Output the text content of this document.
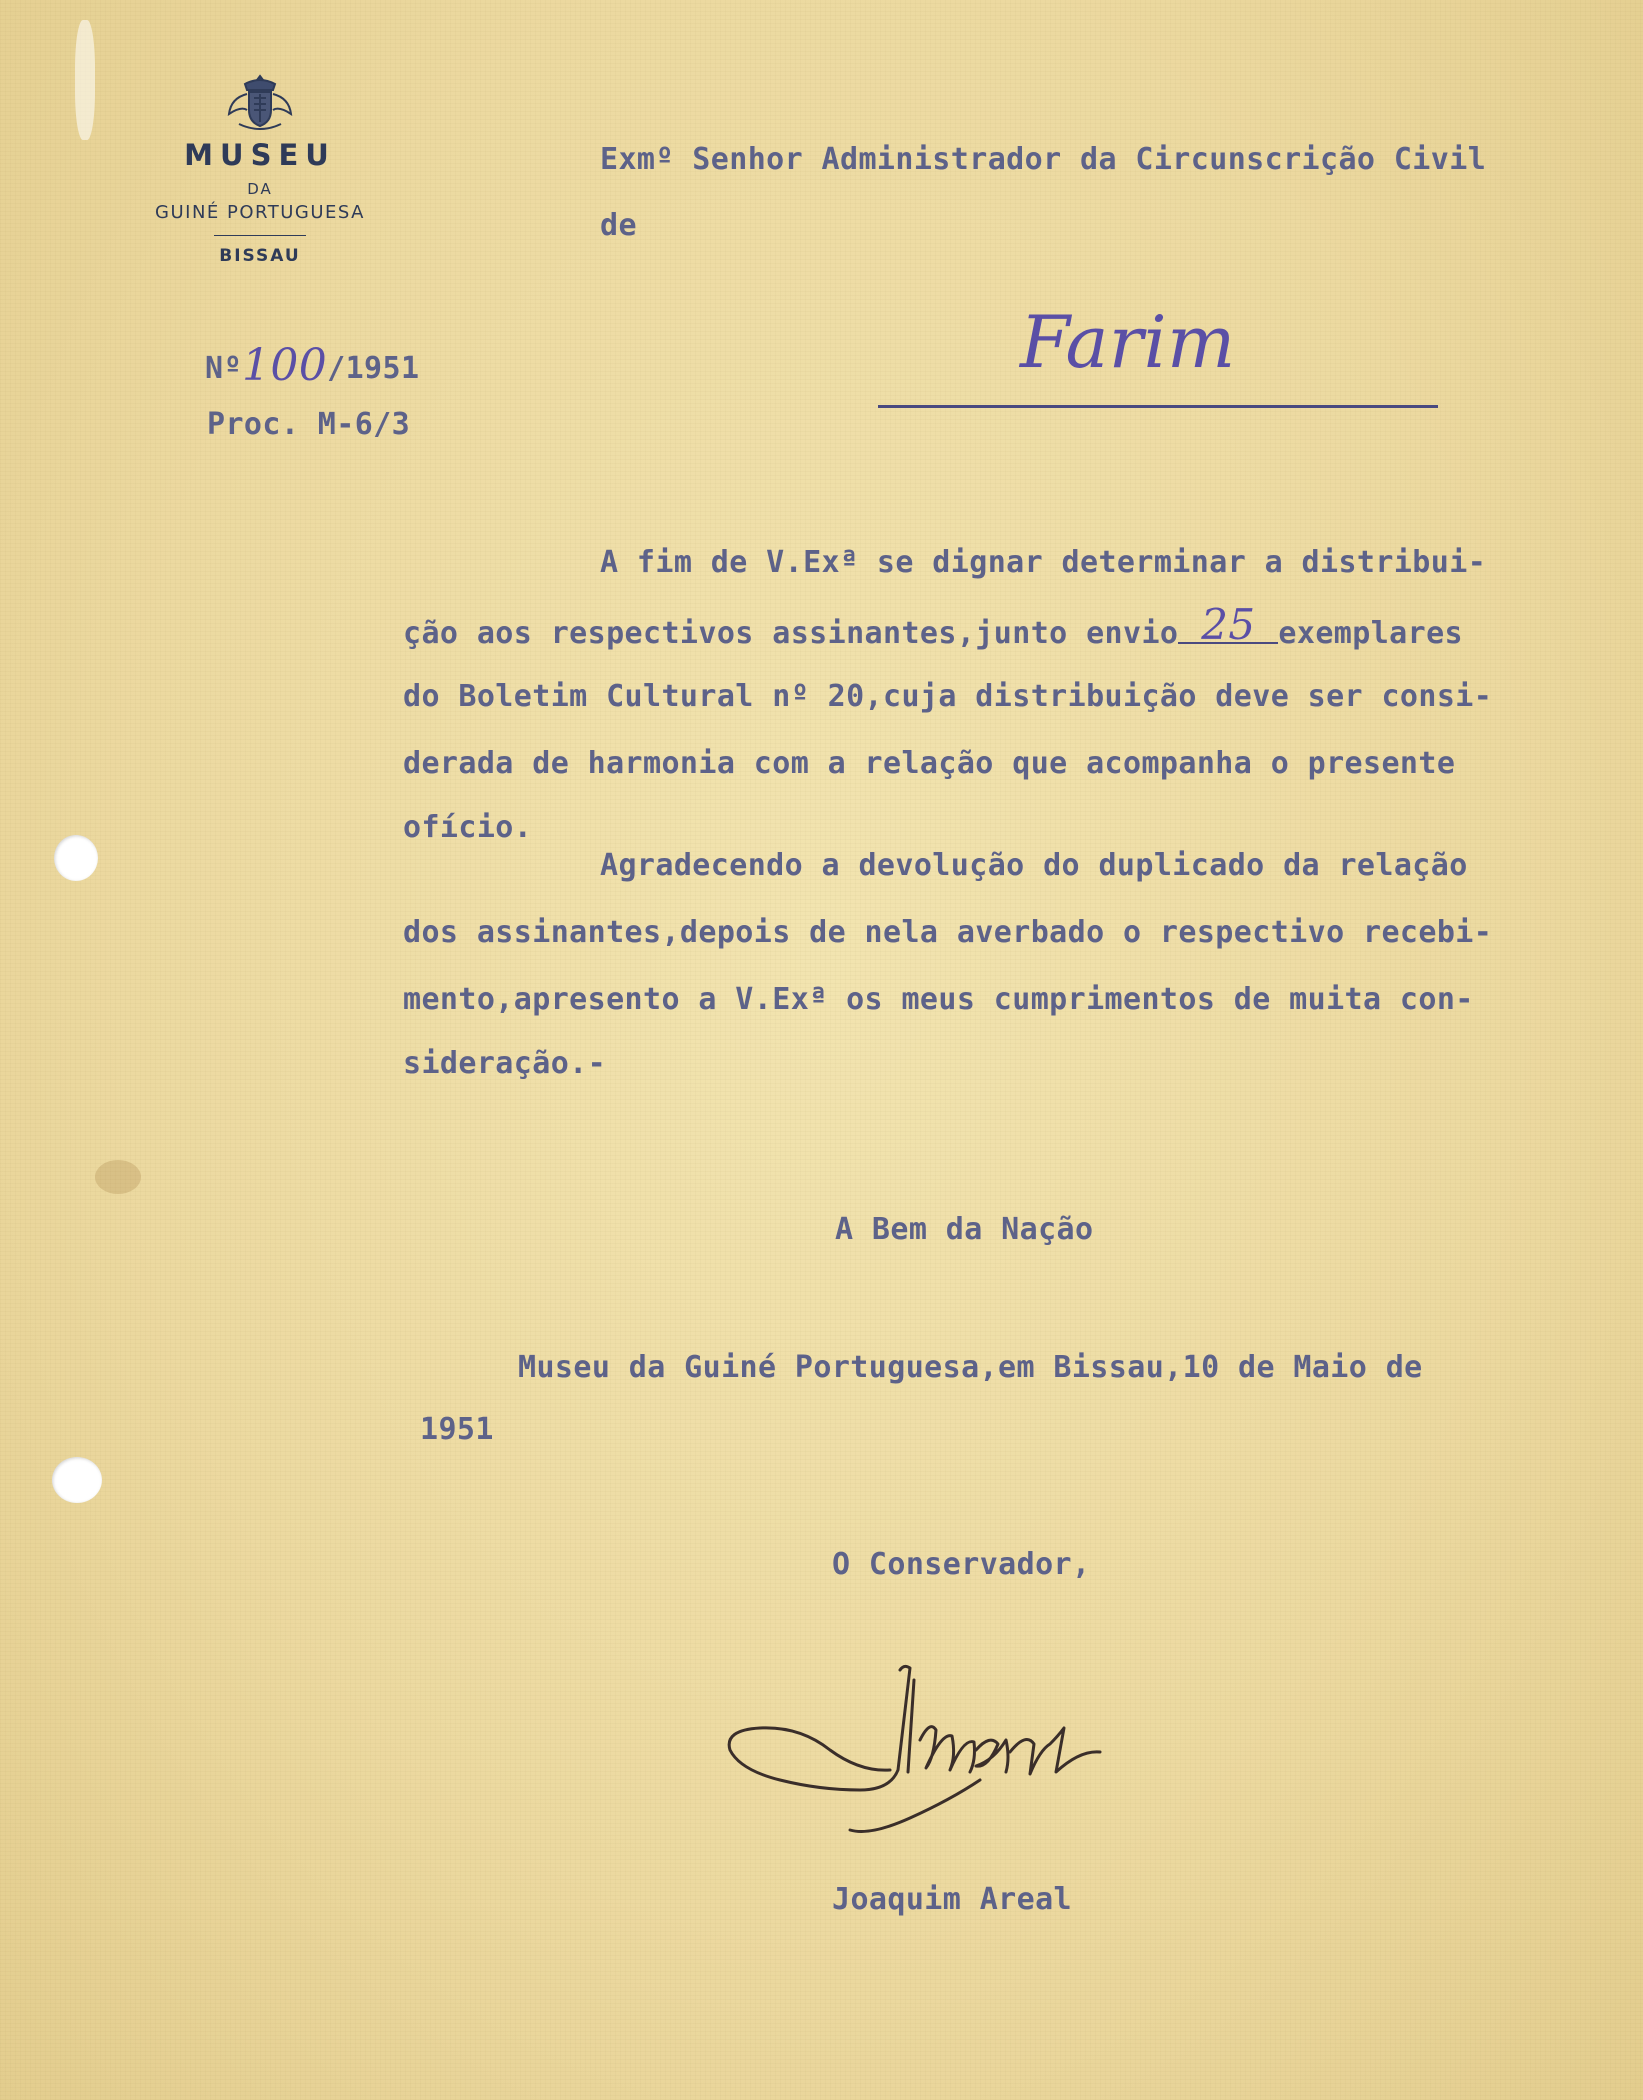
MUSEU
DA
GUINÉ PORTUGUESA
BISSAU
Nº100/1951
Proc. M-6/3
Exmº Senhor Administrador da Circunscrição Civil
de
Farim
A fim de V.Exª se dignar determinar a distribui-
ção aos respectivos assinantes,junto envio 25 exemplares
do Boletim Cultural nº 20,cuja distribuição deve ser consi-
derada de harmonia com a relação que acompanha o presente
ofício.
Agradecendo a devolução do duplicado da relação
dos assinantes,depois de nela averbado o respectivo recebi-
mento,apresento a V.Exª os meus cumprimentos de muita con-
sideração.-
A Bem da Nação
Museu da Guiné Portuguesa,em Bissau,10 de Maio de
1951
O Conservador,
Joaquim Areal
